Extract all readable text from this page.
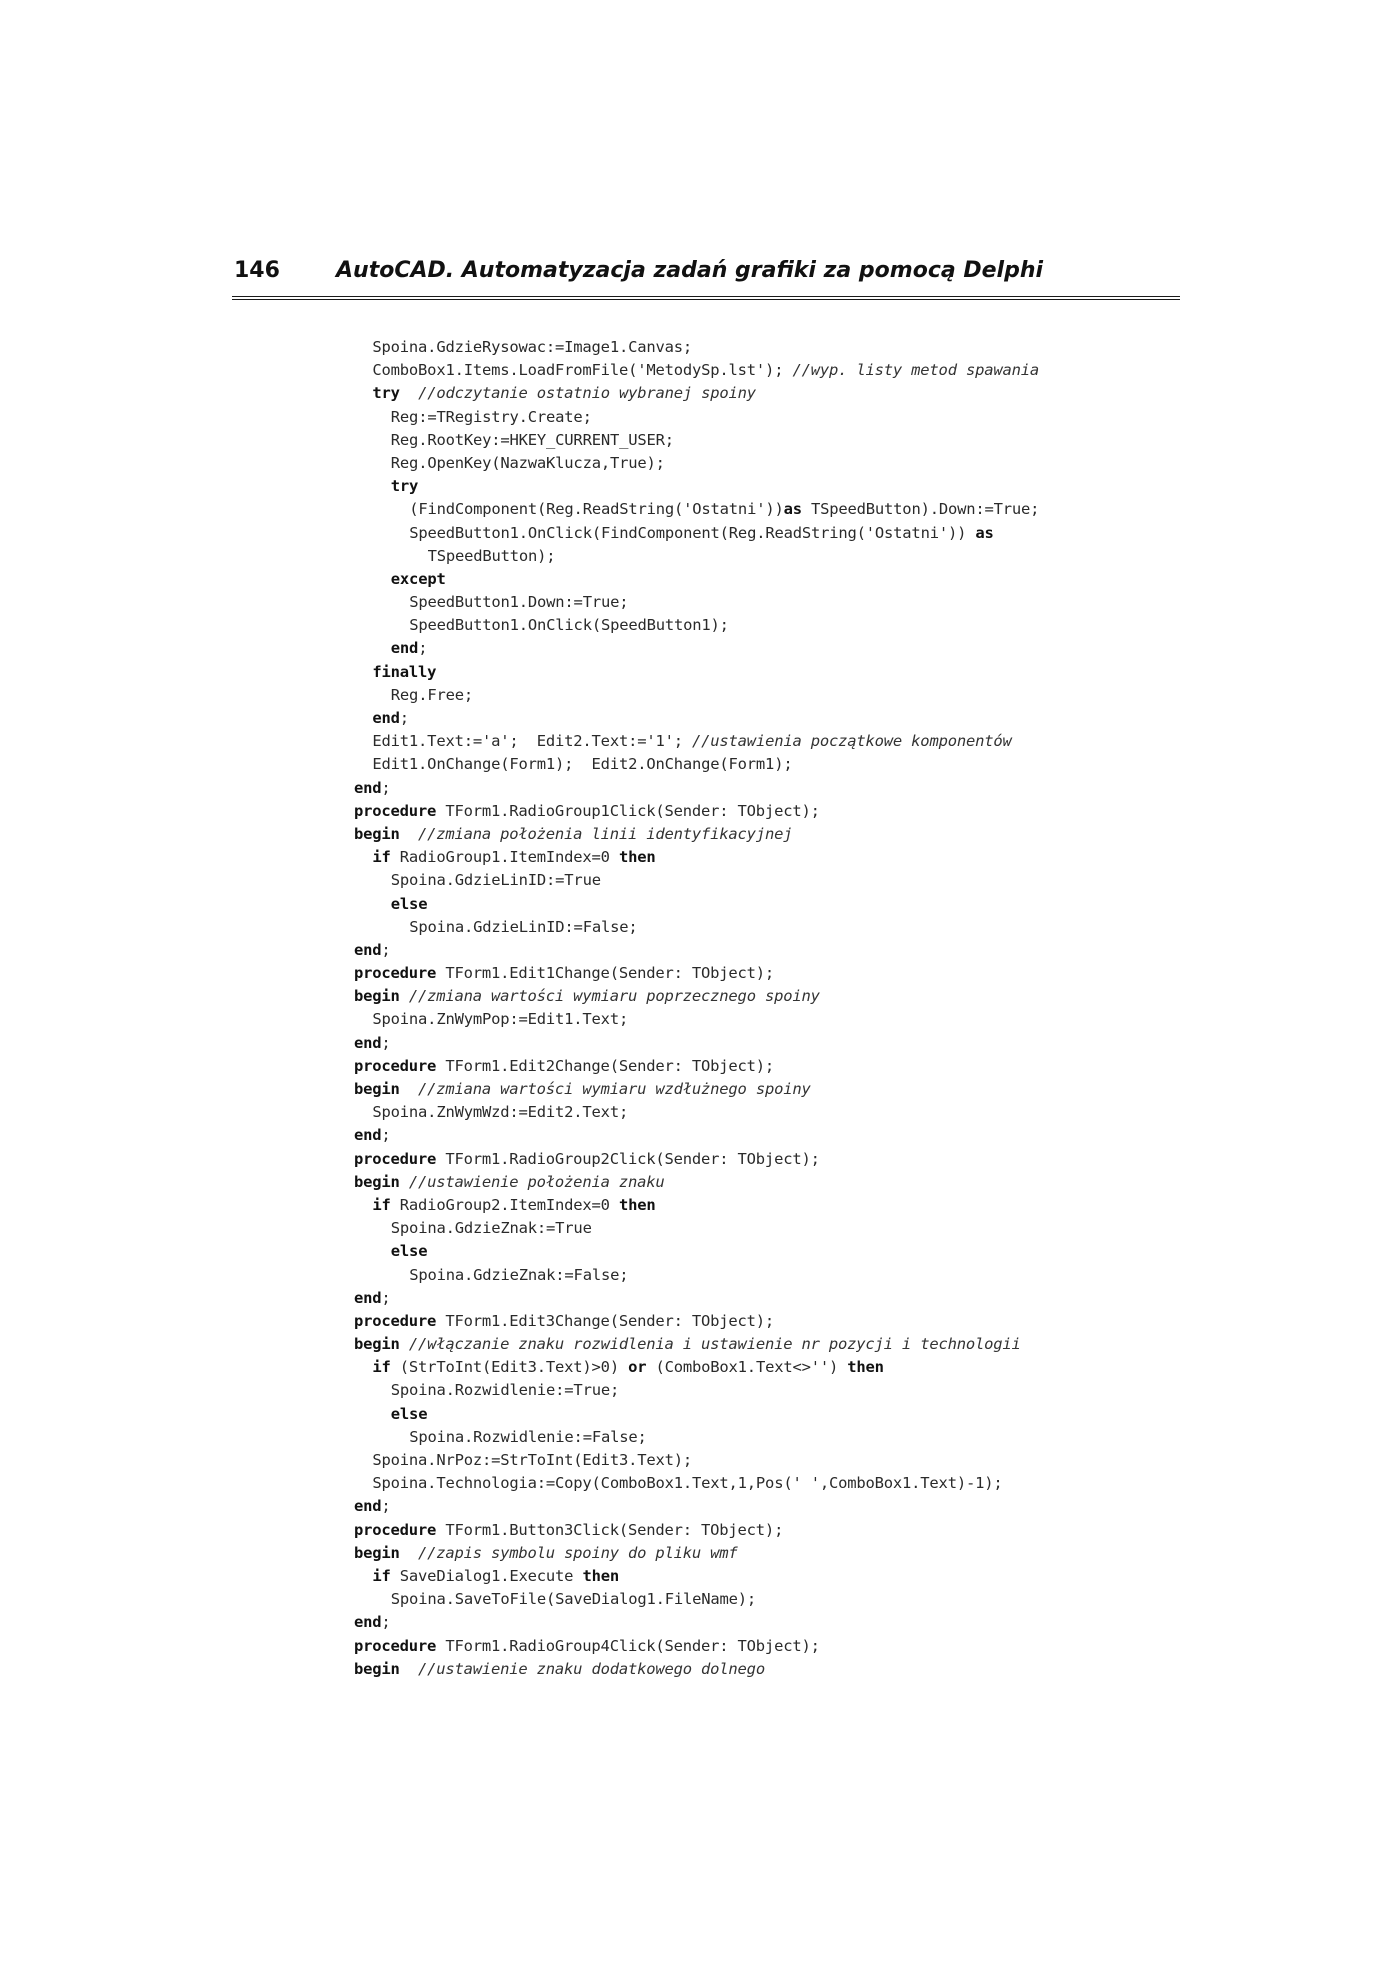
146	AutoCAD. Automatyzacja zadań grafiki za pomocą Delphi
Spoina.GdzieRysowac:=Image1.Canvas;
ComboBox1.Items.LoadFromFile('MetodySp.lst'); //wyp. listy metod spawania
try //odczytanie ostatnio wybranej spoiny
Reg:=TRegistry.Create;
Reg.RootKey:=HKEY_CURRENT_USER;
Reg.OpenKey(NazwaKlucza,True);
try
(FindComponent(Reg.ReadString('Ostatni'))as TSpeedButton).Down:=True;
SpeedButton1.OnClick(FindComponent(Reg.ReadString('Ostatni')) as
TSpeedButton);
except
SpeedButton1.Down:=True;
SpeedButton1.OnClick(SpeedButton1);
end;
finally
Reg.Free;
end;
Edit1.Text:='a';  Edit2.Text:='1'; //ustawienia początkowe komponentów
Edit1.OnChange(Form1);  Edit2.OnChange(Form1);
end;
procedure TForm1.RadioGroup1Click(Sender: TObject);
begin //zmiana położenia linii identyfikacyjnej
if RadioGroup1.ItemIndex=0 then
Spoina.GdzieLinID:=True
else
Spoina.GdzieLinID:=False;
end;
procedure TForm1.Edit1Change(Sender: TObject);
begin //zmiana wartości wymiaru poprzecznego spoiny
Spoina.ZnWymPop:=Edit1.Text;
end;
procedure TForm1.Edit2Change(Sender: TObject);
begin //zmiana wartości wymiaru wzdłużnego spoiny
Spoina.ZnWymWzd:=Edit2.Text;
end;
procedure TForm1.RadioGroup2Click(Sender: TObject);
begin //ustawienie położenia znaku
if RadioGroup2.ItemIndex=0 then
Spoina.GdzieZnak:=True
else
Spoina.GdzieZnak:=False;
end;
procedure TForm1.Edit3Change(Sender: TObject);
begin //włączanie znaku rozwidlenia i ustawienie nr pozycji i technologii
if (StrToInt(Edit3.Text)>0) or (ComboBox1.Text<>'') then
Spoina.Rozwidlenie:=True;
else
Spoina.Rozwidlenie:=False;
Spoina.NrPoz:=StrToInt(Edit3.Text);
Spoina.Technologia:=Copy(ComboBox1.Text,1,Pos(' ',ComboBox1.Text)-1);
end;
procedure TForm1.Button3Click(Sender: TObject);
begin //zapis symbolu spoiny do pliku wmf
if SaveDialog1.Execute then
Spoina.SaveToFile(SaveDialog1.FileName);
end;
procedure TForm1.RadioGroup4Click(Sender: TObject);
begin //ustawienie znaku dodatkowego dolnego
